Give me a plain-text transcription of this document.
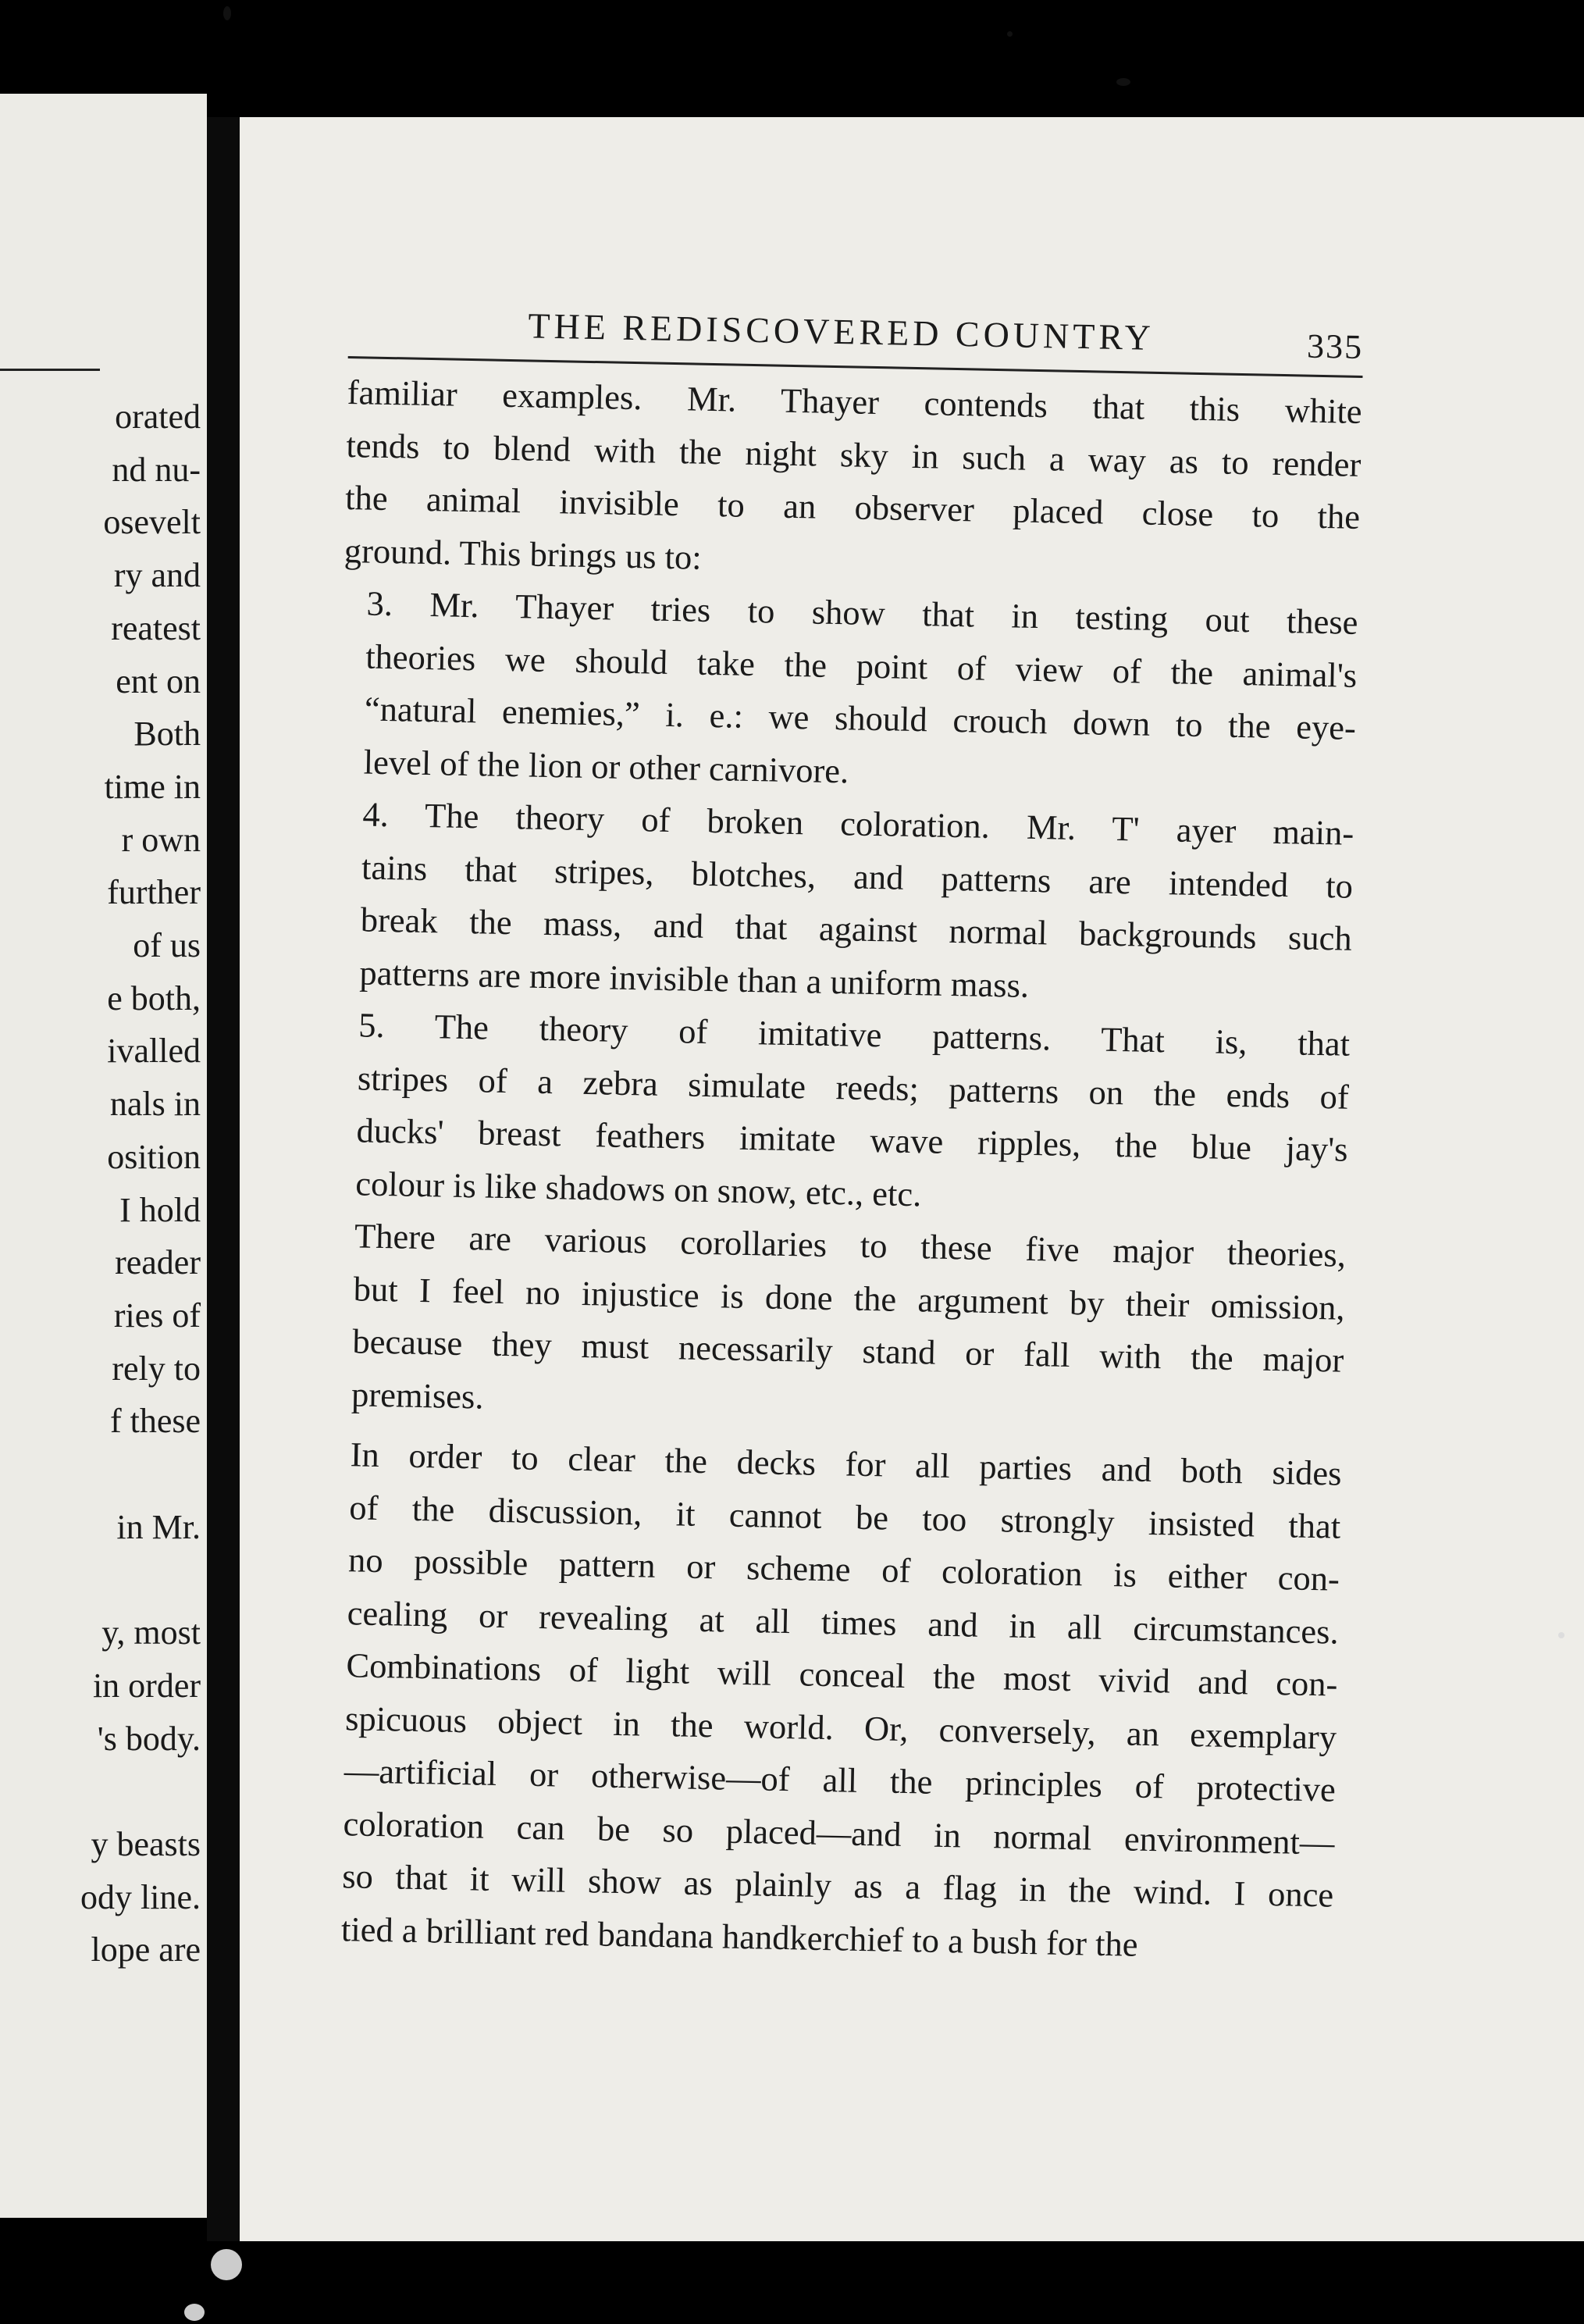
orated
nd nu-
osevelt
ry and
reatest
ent on
Both
time in
r own
further
of us
e both,
ivalled
nals in
osition
I hold
reader
ries of
rely to
f these
in Mr.
y, most
in order
's body.
y beasts
ody line.
lope are
THE REDISCOVERED COUNTRY	335
familiar examples. Mr. Thayer contends that this white
tends to blend with the night sky in such a way as to render
the animal invisible to an observer placed close to the
ground. This brings us to:
3. Mr. Thayer tries to show that in testing out these
theories we should take the point of view of the animal's
“natural enemies,” i. e.: we should crouch down to the eye-
level of the lion or other carnivore.
4. The theory of broken coloration. Mr. T' ayer main-
tains that stripes, blotches, and patterns are intended to
break the mass, and that against normal backgrounds such
patterns are more invisible than a uniform mass.
5. The theory of imitative patterns. That is, that
stripes of a zebra simulate reeds; patterns on the ends of
ducks' breast feathers imitate wave ripples, the blue jay's
colour is like shadows on snow, etc., etc.
There are various corollaries to these five major theories,
but I feel no injustice is done the argument by their omission,
because they must necessarily stand or fall with the major
premises.
In order to clear the decks for all parties and both sides
of the discussion, it cannot be too strongly insisted that
no possible pattern or scheme of coloration is either con-
cealing or revealing at all times and in all circumstances.
Combinations of light will conceal the most vivid and con-
spicuous object in the world. Or, conversely, an exemplary
—artificial or otherwise—of all the principles of protective
coloration can be so placed—and in normal environment—
so that it will show as plainly as a flag in the wind. I once
tied a brilliant red bandana handkerchief to a bush for the
